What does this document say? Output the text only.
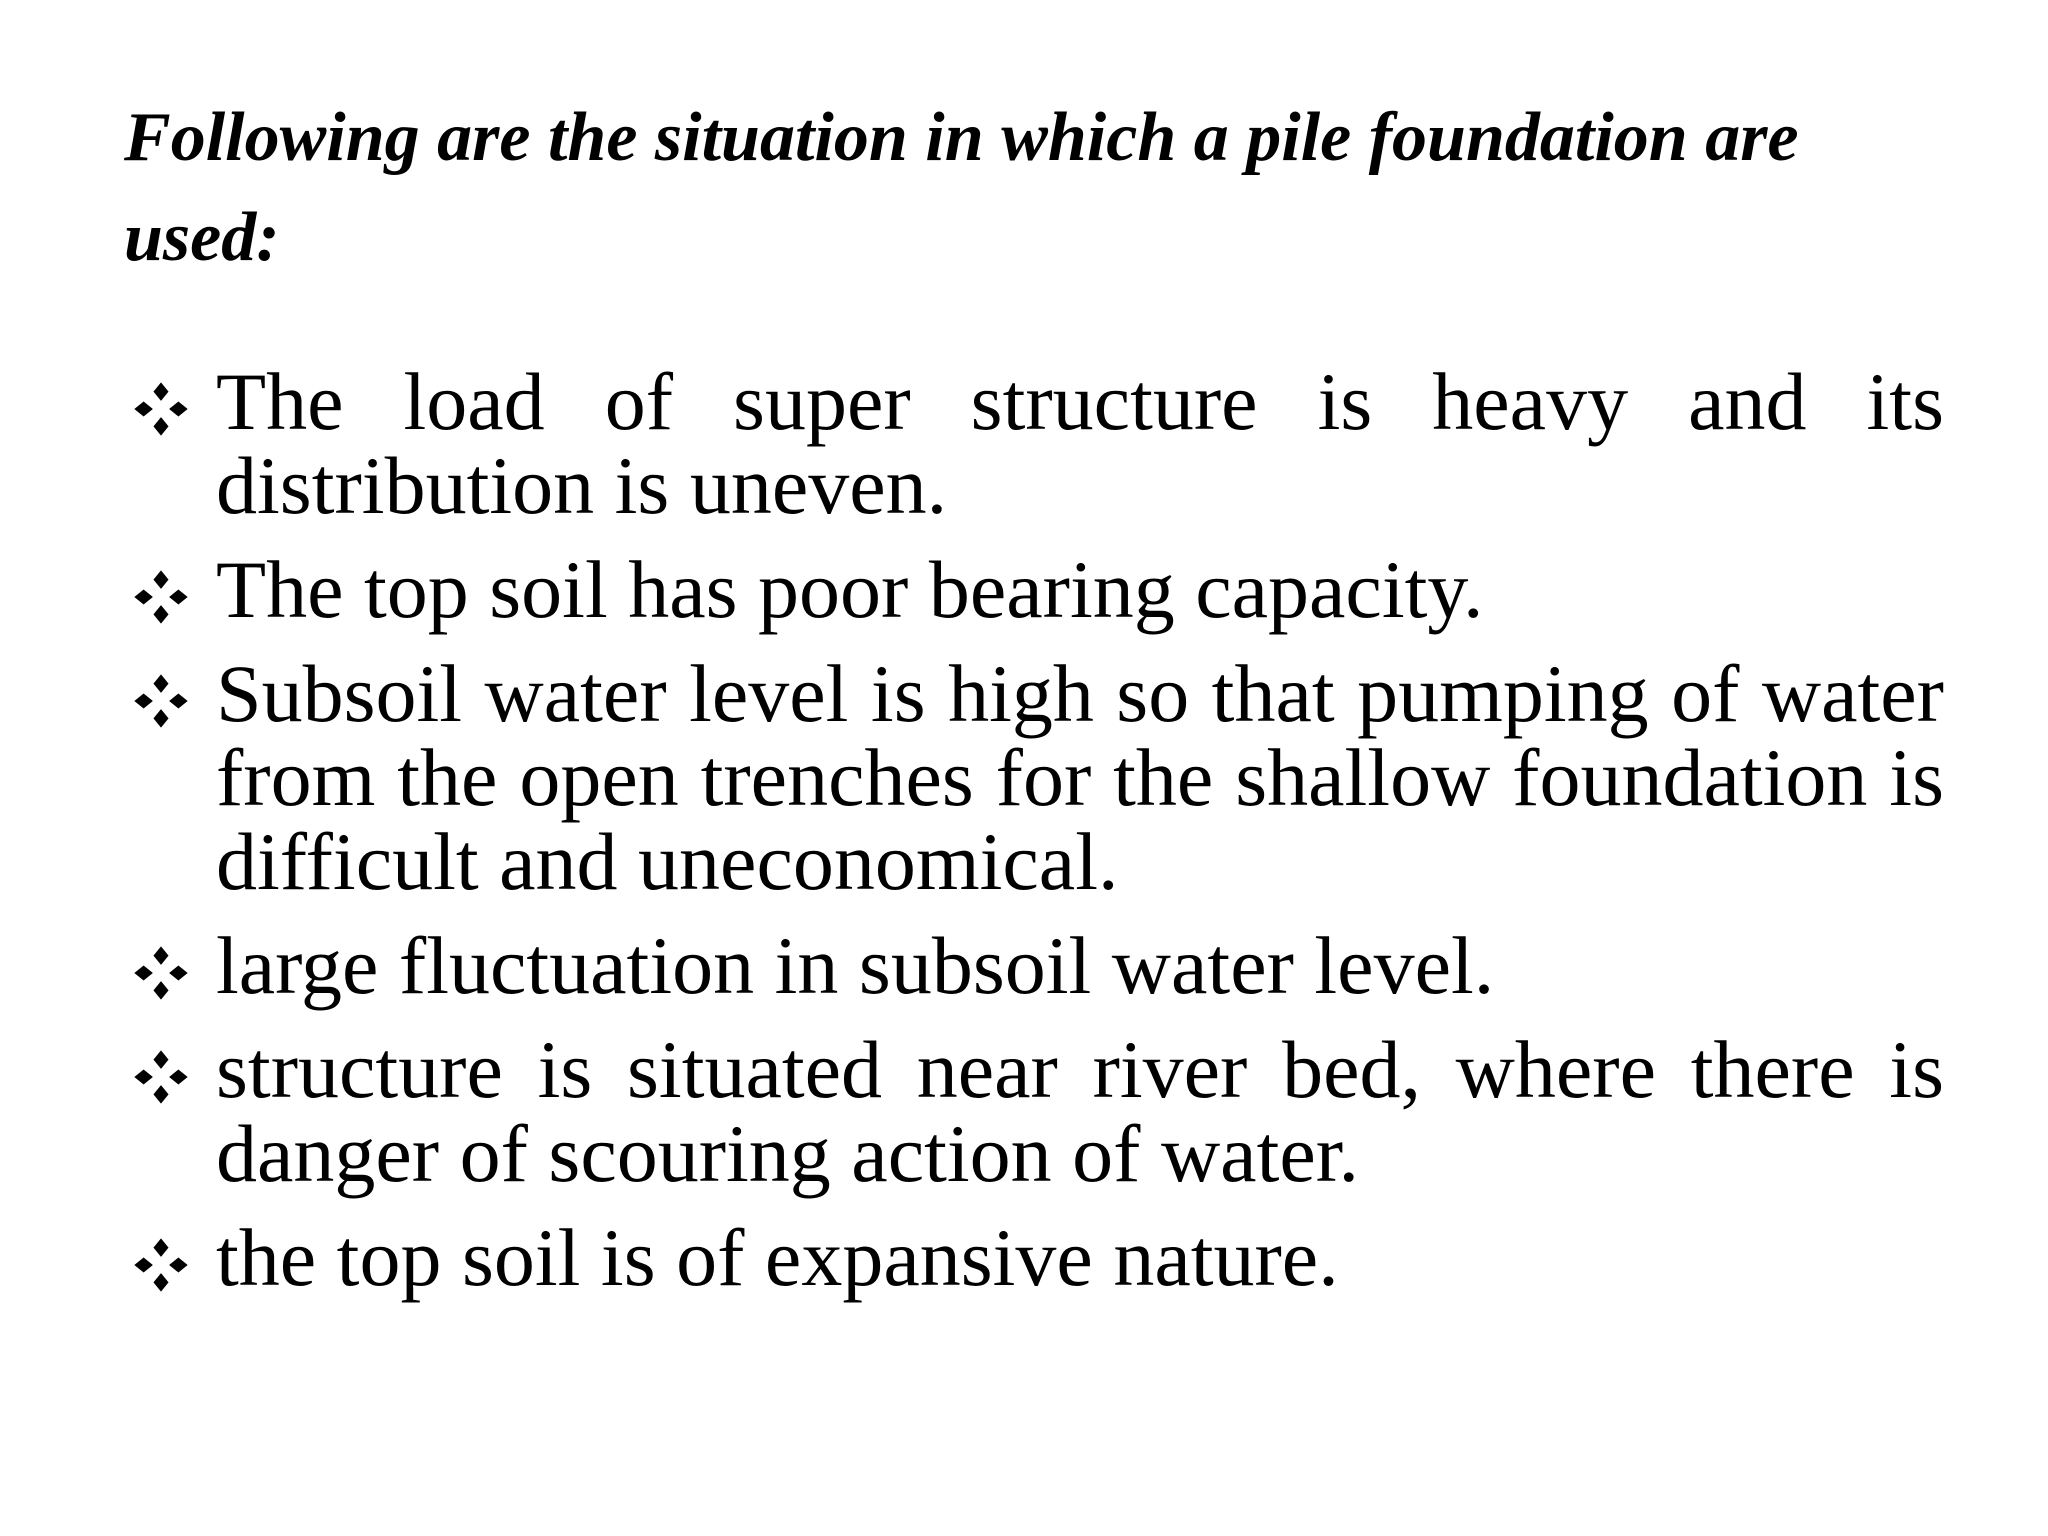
Following are the situation in which a pile foundation are used:
The load of super structure is heavy and its distribution is uneven.
The top soil has poor bearing capacity.
Subsoil water level is high so that pumping of water from the open trenches for the shallow foundation is difficult and uneconomical.
large fluctuation in subsoil water level.
structure is situated near river bed, where there is danger of scouring action of water.
the top soil is of expansive nature.
